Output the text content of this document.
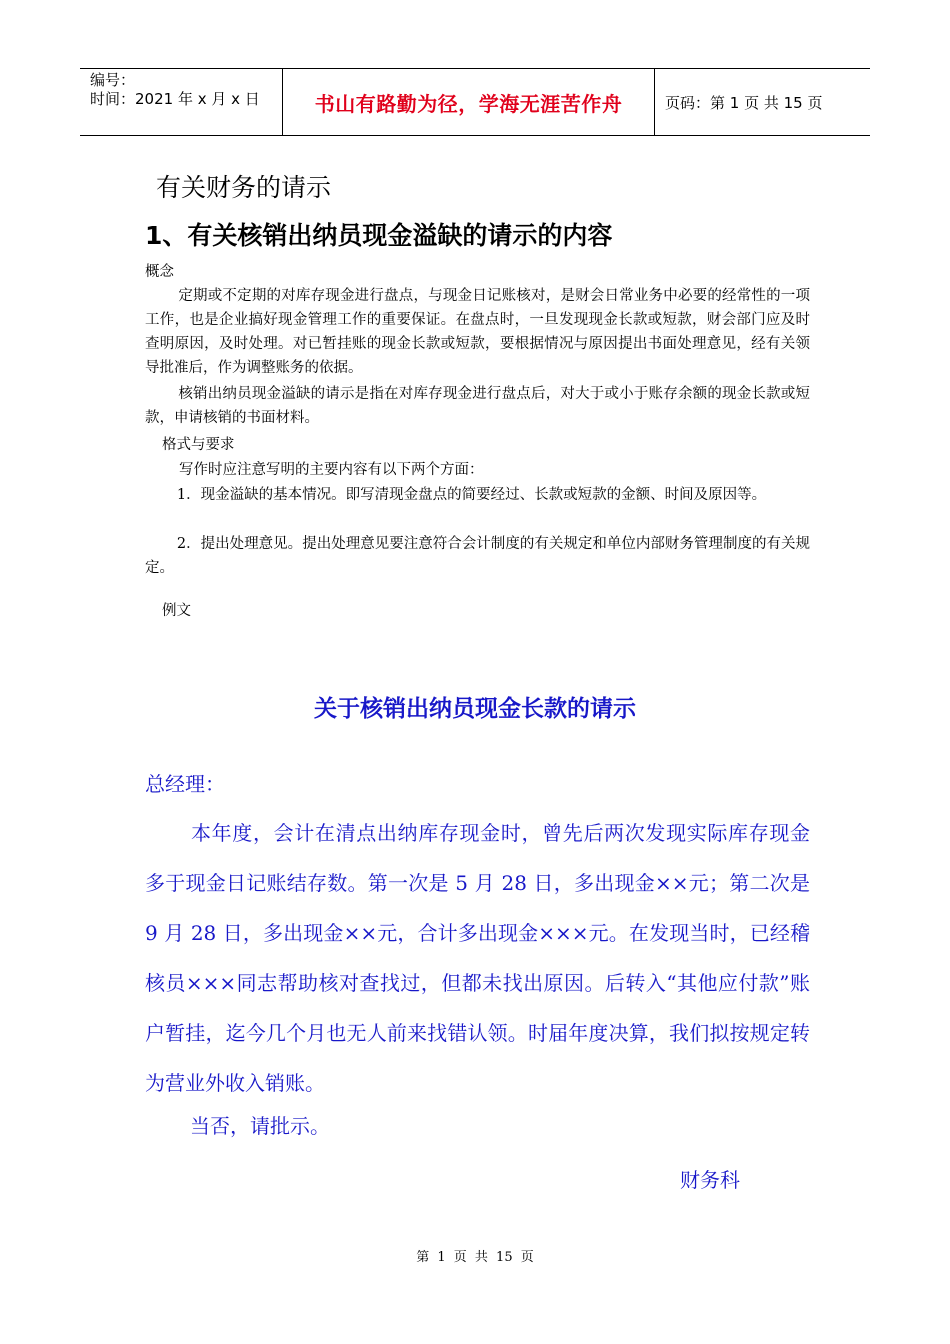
编号：
时间：2021 年 x 月 x 日	书山有路勤为径，学海无涯苦作舟	页码：第 1 页 共 15 页
有关财务的请示
1、有关核销出纳员现金溢缺的请示的内容
概念
定期或不定期的对库存现金进行盘点，与现金日记账核对，是财会日常业务中必要的经常性的一项工作，也是企业搞好现金管理工作的重要保证。在盘点时，一旦发现现金长款或短款，财会部门应及时查明原因，及时处理。对已暂挂账的现金长款或短款，要根据情况与原因提出书面处理意见，经有关领导批准后，作为调整账务的依据。
核销出纳员现金溢缺的请示是指在对库存现金进行盘点后，对大于或小于账存余额的现金长款或短款，申请核销的书面材料。
格式与要求
写作时应注意写明的主要内容有以下两个方面：
1．现金溢缺的基本情况。即写清现金盘点的简要经过、长款或短款的金额、时间及原因等。
2．提出处理意见。提出处理意见要注意符合会计制度的有关规定和单位内部财务管理制度的有关规定。
例文
关于核销出纳员现金长款的请示
总经理：
本年度，会计在清点出纳库存现金时，曾先后两次发现实际库存现金多于现金日记账结存数。第一次是 5 月 28 日，多出现金××元；第二次是 9 月 28 日，多出现金××元，合计多出现金×××元。在发现当时，已经稽核员×××同志帮助核对查找过，但都未找出原因。后转入“其他应付款”账户暂挂，迄今几个月也无人前来找错认领。时届年度决算，我们拟按规定转为营业外收入销账。
当否，请批示。
财务科
第 1 页 共 15 页
